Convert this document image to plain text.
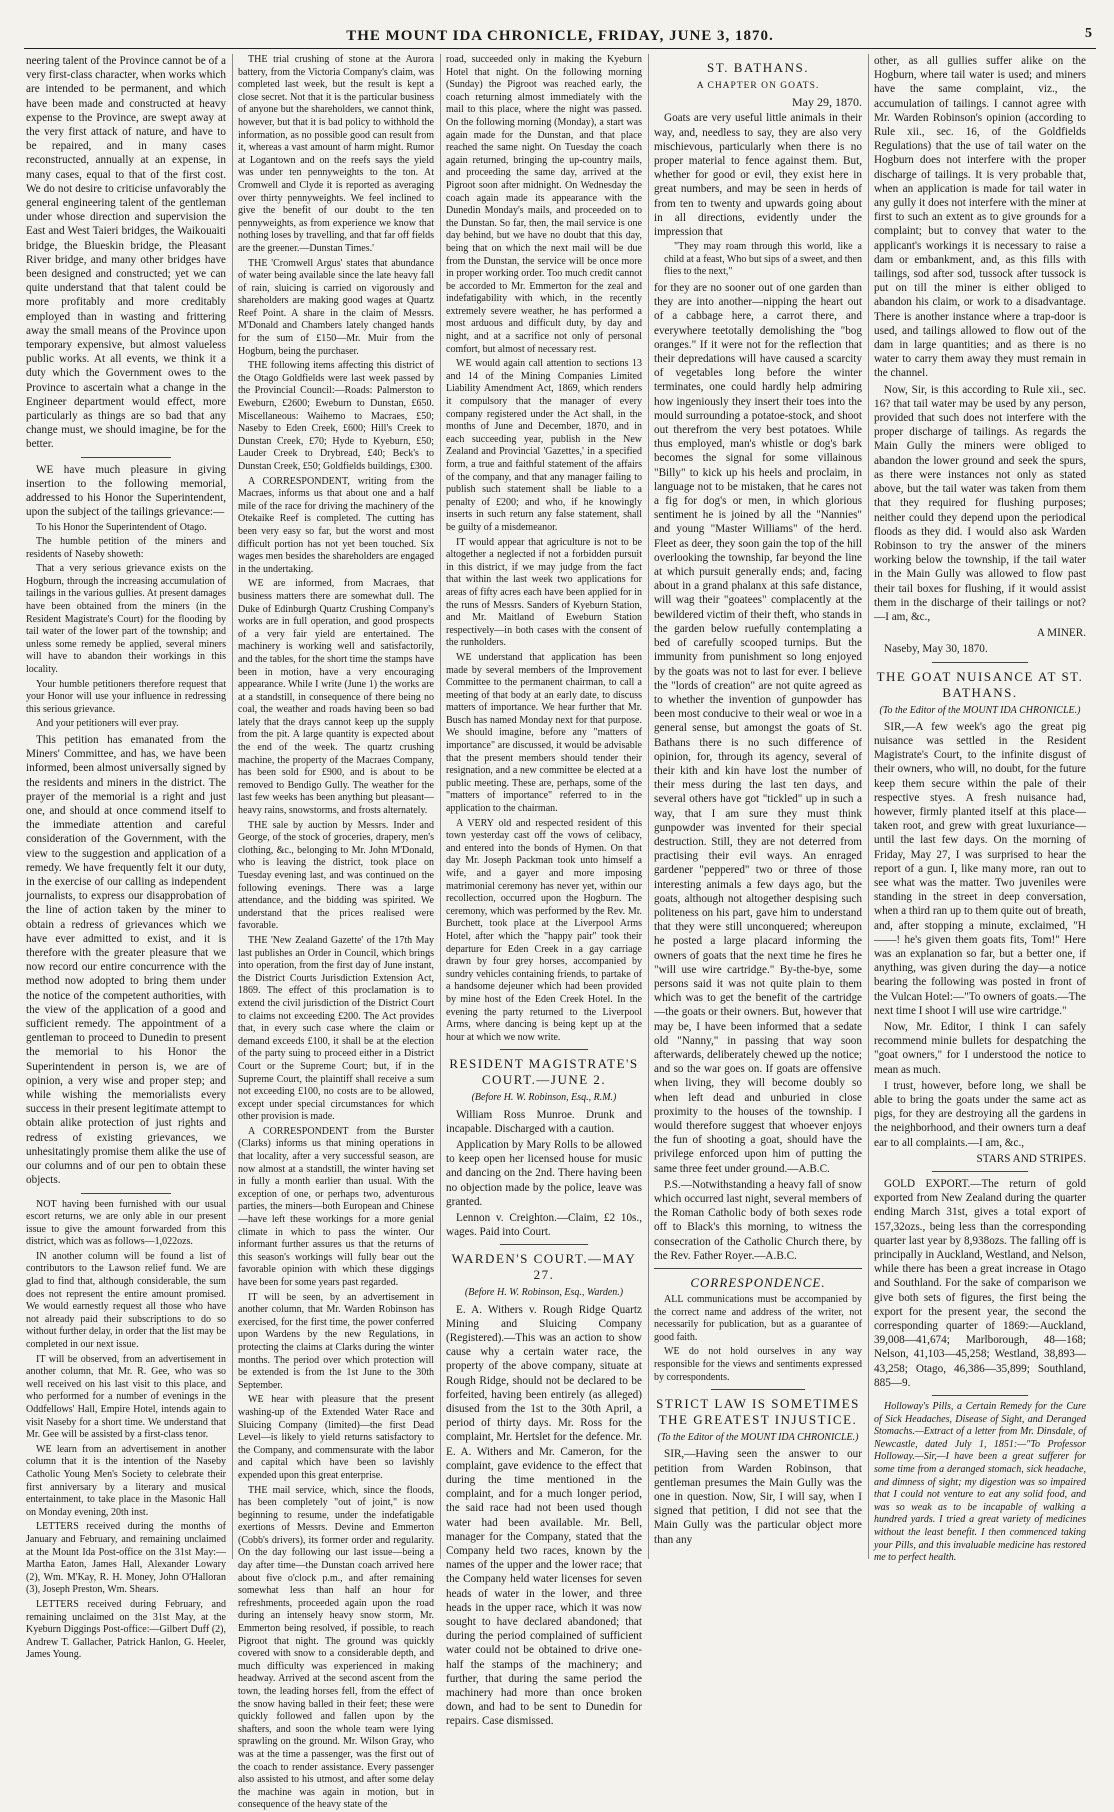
THE MOUNT IDA CHRONICLE, FRIDAY, JUNE 3, 1870.	5

neering talent of the Province cannot be of a very first-class character, when works which are intended to be permanent, and which have been made and constructed at heavy expense to the Province, are swept away at the very first attack of nature, and have to be repaired, and in many cases reconstructed, annually at an expense, in many cases, equal to that of the first cost. We do not desire to criticise unfavorably the general engineering talent of the gentleman under whose direction and supervision the East and West Taieri bridges, the Waikouaiti bridge, the Blueskin bridge, the Pleasant River bridge, and many other bridges have been designed and constructed; yet we can quite understand that that talent could be more profitably and more creditably employed than in wasting and frittering away the small means of the Province upon temporary expensive, but almost valueless public works. At all events, we think it a duty which the Government owes to the Province to ascertain what a change in the Engineer department would effect, more particularly as things are so bad that any change must, we should imagine, be for the better.

WE have much pleasure in giving insertion to the following memorial, addressed to his Honor the Superintendent, upon the subject of the tailings grievance:—

To his Honor the Superintendent of Otago.

The humble petition of the miners and residents of Naseby showeth:

That a very serious grievance exists on the Hogburn, through the increasing accumulation of tailings in the various gullies. At present damages have been obtained from the miners (in the Resident Magistrate's Court) for the flooding by tail water of the lower part of the township; and unless some remedy be applied, several miners will have to abandon their workings in this locality.

Your humble petitioners therefore request that your Honor will use your influence in redressing this serious grievance.

And your petitioners will ever pray.

This petition has emanated from the Miners' Committee, and has, we have been informed, been almost universally signed by the residents and miners in the district. The prayer of the memorial is a right and just one, and should at once commend itself to the immediate attention and careful consideration of the Government, with the view to the suggestion and application of a remedy. We have frequently felt it our duty, in the exercise of our calling as independent journalists, to express our disapprobation of the line of action taken by the miner to obtain a redress of grievances which we have ever admitted to exist, and it is therefore with the greater pleasure that we now record our entire concurrence with the method now adopted to bring them under the notice of the competent authorities, with the view of the application of a good and sufficient remedy. The appointment of a gentleman to proceed to Dunedin to present the memorial to his Honor the Superintendent in person is, we are of opinion, a very wise and proper step; and while wishing the memorialists every success in their present legitimate attempt to obtain alike protection of just rights and redress of existing grievances, we unhesitatingly promise them alike the use of our columns and of our pen to obtain these objects.

NOT having been furnished with our usual escort returns, we are only able in our present issue to give the amount forwarded from this district, which was as follows—1,022ozs.

IN another column will be found a list of contributors to the Lawson relief fund. We are glad to find that, although considerable, the sum does not represent the entire amount promised. We would earnestly request all those who have not already paid their subscriptions to do so without further delay, in order that the list may be completed in our next issue.

IT will be observed, from an advertisement in another column, that Mr. R. Gee, who was so well received on his last visit to this place, and who performed for a number of evenings in the Oddfellows' Hall, Empire Hotel, intends again to visit Naseby for a short time. We understand that Mr. Gee will be assisted by a first-class tenor.

WE learn from an advertisement in another column that it is the intention of the Naseby Catholic Young Men's Society to celebrate their first anniversary by a literary and musical entertainment, to take place in the Masonic Hall on Monday evening, 20th inst.

LETTERS received during the months of January and February, and remaining unclaimed at the Mount Ida Post-office on the 31st May:—Martha Eaton, James Hall, Alexander Lowary (2), Wm. M'Kay, R. H. Money, John O'Halloran (3), Joseph Preston, Wm. Shears.

LETTERS received during February, and remaining unclaimed on the 31st May, at the Kyeburn Diggings Post-office:—Gilbert Duff (2), Andrew T. Gallacher, Patrick Hanlon, G. Heeler, James Young.

THE trial crushing of stone at the Aurora battery, from the Victoria Company's claim, was completed last week, but the result is kept a close secret. Not that it is the particular business of anyone but the shareholders, we cannot think, however, but that it is bad policy to withhold the information, as no possible good can result from it, whereas a vast amount of harm might. Rumor at Logantown and on the reefs says the yield was under ten pennyweights to the ton. At Cromwell and Clyde it is reported as averaging over thirty pennyweights. We feel inclined to give the benefit of our doubt to the ten pennyweights, as from experience we know that nothing loses by travelling, and that far off fields are the greener.—Dunstan Times.'

THE 'Cromwell Argus' states that abundance of water being available since the late heavy fall of rain, sluicing is carried on vigorously and shareholders are making good wages at Quartz Reef Point. A share in the claim of Messrs. M'Donald and Chambers lately changed hands for the sum of £150—Mr. Muir from the Hogburn, being the purchaser.

THE following items affecting this district of the Otago Goldfields were last week passed by the Provincial Council:—Roads: Palmerston to Eweburn, £2600; Eweburn to Dunstan, £650. Miscellaneous: Waihemo to Macraes, £50; Naseby to Eden Creek, £600; Hill's Creek to Dunstan Creek, £70; Hyde to Kyeburn, £50; Lauder Creek to Drybread, £40; Beck's to Dunstan Creek, £50; Goldfields buildings, £300.

A CORRESPONDENT, writing from the Macraes, informs us that about one and a half mile of the race for driving the machinery of the Otekaike Reef is completed. The cutting has been very easy so far, but the worst and most difficult portion has not yet been touched. Six wages men besides the shareholders are engaged in the undertaking.

WE are informed, from Macraes, that business matters there are somewhat dull. The Duke of Edinburgh Quartz Crushing Company's works are in full operation, and good prospects of a very fair yield are entertained. The machinery is working well and satisfactorily, and the tables, for the short time the stamps have been in motion, have a very encouraging appearance. While I write (June 1) the works are at a standstill, in consequence of there being no coal, the weather and roads having been so bad lately that the drays cannot keep up the supply from the pit. A large quantity is expected about the end of the week. The quartz crushing machine, the property of the Macraes Company, has been sold for £900, and is about to be removed to Bendigo Gully. The weather for the last few weeks has been anything but pleasant—heavy rains, snowstorms, and frosts alternately.

THE sale by auction by Messrs. Inder and George, of the stock of groceries, drapery, men's clothing, &c., belonging to Mr. John M'Donald, who is leaving the district, took place on Tuesday evening last, and was continued on the following evenings. There was a large attendance, and the bidding was spirited. We understand that the prices realised were favorable.

THE 'New Zealand Gazette' of the 17th May last publishes an Order in Council, which brings into operation, from the first day of June instant, the District Courts Jurisdiction Extension Act, 1869. The effect of this proclamation is to extend the civil jurisdiction of the District Court to claims not exceeding £200. The Act provides that, in every such case where the claim or demand exceeds £100, it shall be at the election of the party suing to proceed either in a District Court or the Supreme Court; but, if in the Supreme Court, the plaintiff shall receive a sum not exceeding £100, no costs are to be allowed, except under special circumstances for which other provision is made.

A CORRESPONDENT from the Burster (Clarks) informs us that mining operations in that locality, after a very successful season, are now almost at a standstill, the winter having set in fully a month earlier than usual. With the exception of one, or perhaps two, adventurous parties, the miners—both European and Chinese—have left these workings for a more genial climate in which to pass the winter. Our informant further assures us that the returns of this season's workings will fully bear out the favorable opinion with which these diggings have been for some years past regarded.

IT will be seen, by an advertisement in another column, that Mr. Warden Robinson has exercised, for the first time, the power conferred upon Wardens by the new Regulations, in protecting the claims at Clarks during the winter months. The period over which protection will be extended is from the 1st June to the 30th September.

WE hear with pleasure that the present washing-up of the Extended Water Race and Sluicing Company (limited)—the first Dead Level—is likely to yield returns satisfactory to the Company, and commensurate with the labor and capital which have been so lavishly expended upon this great enterprise.

THE mail service, which, since the floods, has been completely "out of joint," is now beginning to resume, under the indefatigable exertions of Messrs. Devine and Emmerton (Cobb's drivers), its former order and regularity. On the day following our last issue—being a day after time—the Dunstan coach arrived here about five o'clock p.m., and after remaining somewhat less than half an hour for refreshments, proceeded again upon the road during an intensely heavy snow storm, Mr. Emmerton being resolved, if possible, to reach Pigroot that night. The ground was quickly covered with snow to a considerable depth, and much difficulty was experienced in making headway. Arrived at the second ascent from the town, the leading horses fell, from the effect of the snow having balled in their feet; these were quickly followed and fallen upon by the shafters, and soon the whole team were lying sprawling on the ground. Mr. Wilson Gray, who was at the time a passenger, was the first out of the coach to render assistance. Every passenger also assisted to his utmost, and after some delay the machine was again in motion, but in consequence of the heavy state of the

road, succeeded only in making the Kyeburn Hotel that night. On the following morning (Sunday) the Pigroot was reached early, the coach returning almost immediately with the mail to this place, where the night was passed. On the following morning (Monday), a start was again made for the Dunstan, and that place reached the same night. On Tuesday the coach again returned, bringing the up-country mails, and proceeding the same day, arrived at the Pigroot soon after midnight. On Wednesday the coach again made its appearance with the Dunedin Monday's mails, and proceeded on to the Dunstan. So far, then, the mail service is one day behind, but we have no doubt that this day, being that on which the next mail will be due from the Dunstan, the service will be once more in proper working order. Too much credit cannot be accorded to Mr. Emmerton for the zeal and indefatigability with which, in the recently extremely severe weather, he has performed a most arduous and difficult duty, by day and night, and at a sacrifice not only of personal comfort, but almost of necessary rest.

WE would again call attention to sections 13 and 14 of the Mining Companies Limited Liability Amendment Act, 1869, which renders it compulsory that the manager of every company registered under the Act shall, in the months of June and December, 1870, and in each succeeding year, publish in the New Zealand and Provincial 'Gazettes,' in a specified form, a true and faithful statement of the affairs of the company, and that any manager failing to publish such statement shall be liable to a penalty of £200; and who, if he knowingly inserts in such return any false statement, shall be guilty of a misdemeanor.

IT would appear that agriculture is not to be altogether a neglected if not a forbidden pursuit in this district, if we may judge from the fact that within the last week two applications for areas of fifty acres each have been applied for in the runs of Messrs. Sanders of Kyeburn Station, and Mr. Maitland of Eweburn Station respectively—in both cases with the consent of the runholders.

WE understand that application has been made by several members of the Improvement Committee to the permanent chairman, to call a meeting of that body at an early date, to discuss matters of importance. We hear further that Mr. Busch has named Monday next for that purpose. We should imagine, before any "matters of importance" are discussed, it would be advisable that the present members should tender their resignation, and a new committee be elected at a public meeting. These are, perhaps, some of the "matters of importance" referred to in the application to the chairman.

A VERY old and respected resident of this town yesterday cast off the vows of celibacy, and entered into the bonds of Hymen. On that day Mr. Joseph Packman took unto himself a wife, and a gayer and more imposing matrimonial ceremony has never yet, within our recollection, occurred upon the Hogburn. The ceremony, which was performed by the Rev. Mr. Burchett, took place at the Liverpool Arms Hotel, after which the "happy pair" took their departure for Eden Creek in a gay carriage drawn by four grey horses, accompanied by sundry vehicles containing friends, to partake of a handsome dejeuner which had been provided by mine host of the Eden Creek Hotel. In the evening the party returned to the Liverpool Arms, where dancing is being kept up at the hour at which we now write.

RESIDENT MAGISTRATE'S COURT.—JUNE 2.

(Before H. W. Robinson, Esq., R.M.)

William Ross Munroe. Drunk and incapable. Discharged with a caution.

Application by Mary Rolls to be allowed to keep open her licensed house for music and dancing on the 2nd. There having been no objection made by the police, leave was granted.

Lennon v. Creighton.—Claim, £2 10s., wages. Paid into Court.

WARDEN'S COURT.—MAY 27.

(Before H. W. Robinson, Esq., Warden.)

E. A. Withers v. Rough Ridge Quartz Mining and Sluicing Company (Registered).—This was an action to show cause why a certain water race, the property of the above company, situate at Rough Ridge, should not be declared to be forfeited, having been entirely (as alleged) disused from the 1st to the 30th April, a period of thirty days. Mr. Ross for the complaint, Mr. Hertslet for the defence. Mr. E. A. Withers and Mr. Cameron, for the complaint, gave evidence to the effect that during the time mentioned in the complaint, and for a much longer period, the said race had not been used though water had been available. Mr. Bell, manager for the Company, stated that the Company held two races, known by the names of the upper and the lower race; that the Company held water licenses for seven heads of water in the lower, and three heads in the upper race, which it was now sought to have declared abandoned; that during the period complained of sufficient water could not be obtained to drive one-half the stamps of the machinery; and further, that during the same period the machinery had more than once broken down, and had to be sent to Dunedin for repairs. Case dismissed.

ST. BATHANS.
A CHAPTER ON GOATS.

May 29, 1870.

Goats are very useful little animals in their way, and, needless to say, they are also very mischievous, particularly when there is no proper material to fence against them. But, whether for good or evil, they exist here in great numbers, and may be seen in herds of from ten to twenty and upwards going about in all directions, evidently under the impression that

"They may roam through this world, like a child at a feast, Who but sips of a sweet, and then flies to the next,"

for they are no sooner out of one garden than they are into another—nipping the heart out of a cabbage here, a carrot there, and everywhere teetotally demolishing the "bog oranges." If it were not for the reflection that their depredations will have caused a scarcity of vegetables long before the winter terminates, one could hardly help admiring how ingeniously they insert their toes into the mould surrounding a potatoe-stock, and shoot out therefrom the very best potatoes. While thus employed, man's whistle or dog's bark becomes the signal for some villainous "Billy" to kick up his heels and proclaim, in language not to be mistaken, that he cares not a fig for dog's or men, in which glorious sentiment he is joined by all the "Nannies" and young "Master Williams" of the herd. Fleet as deer, they soon gain the top of the hill overlooking the township, far beyond the line at which pursuit generally ends; and, facing about in a grand phalanx at this safe distance, will wag their "goatees" complacently at the bewildered victim of their theft, who stands in the garden below ruefully contemplating a bed of carefully scooped turnips. But the immunity from punishment so long enjoyed by the goats was not to last for ever. I believe the "lords of creation" are not quite agreed as to whether the invention of gunpowder has been most conducive to their weal or woe in a general sense, but amongst the goats of St. Bathans there is no such difference of opinion, for, through its agency, several of their kith and kin have lost the number of their mess during the last ten days, and several others have got "tickled" up in such a way, that I am sure they must think gunpowder was invented for their special destruction. Still, they are not deterred from practising their evil ways. An enraged gardener "peppered" two or three of those interesting animals a few days ago, but the goats, although not altogether despising such politeness on his part, gave him to understand that they were still unconquered; whereupon he posted a large placard informing the owners of goats that the next time he fires he "will use wire cartridge." By-the-bye, some persons said it was not quite plain to them which was to get the benefit of the cartridge—the goats or their owners. But, however that may be, I have been informed that a sedate old "Nanny," in passing that way soon afterwards, deliberately chewed up the notice; and so the war goes on. If goats are offensive when living, they will become doubly so when left dead and unburied in close proximity to the houses of the township. I would therefore suggest that whoever enjoys the fun of shooting a goat, should have the privilege enforced upon him of putting the same three feet under ground.—A.B.C.

P.S.—Notwithstanding a heavy fall of snow which occurred last night, several members of the Roman Catholic body of both sexes rode off to Black's this morning, to witness the consecration of the Catholic Church there, by the Rev. Father Royer.—A.B.C.

CORRESPONDENCE.

ALL communications must be accompanied by the correct name and address of the writer, not necessarily for publication, but as a guarantee of good faith.

WE do not hold ourselves in any way responsible for the views and sentiments expressed by correspondents.

STRICT LAW IS SOMETIMES THE GREATEST INJUSTICE.

(To the Editor of the MOUNT IDA CHRONICLE.)

SIR,—Having seen the answer to our petition from Warden Robinson, that gentleman presumes the Main Gully was the one in question. Now, Sir, I will say, when I signed that petition, I did not see that the Main Gully was the particular object more than any

other, as all gullies suffer alike on the Hogburn, where tail water is used; and miners have the same complaint, viz., the accumulation of tailings. I cannot agree with Mr. Warden Robinson's opinion (according to Rule xii., sec. 16, of the Goldfields Regulations) that the use of tail water on the Hogburn does not interfere with the proper discharge of tailings. It is very probable that, when an application is made for tail water in any gully it does not interfere with the miner at first to such an extent as to give grounds for a complaint; but to convey that water to the applicant's workings it is necessary to raise a dam or embankment, and, as this fills with tailings, sod after sod, tussock after tussock is put on till the miner is either obliged to abandon his claim, or work to a disadvantage. There is another instance where a trap-door is used, and tailings allowed to flow out of the dam in large quantities; and as there is no water to carry them away they must remain in the channel.

Now, Sir, is this according to Rule xii., sec. 16? that tail water may be used by any person, provided that such does not interfere with the proper discharge of tailings. As regards the Main Gully the miners were obliged to abandon the lower ground and seek the spurs, as there were instances not only as stated above, but the tail water was taken from them that they required for flushing purposes; neither could they depend upon the periodical floods as they did. I would also ask Warden Robinson to try the answer of the miners working below the township, if the tail water in the Main Gully was allowed to flow past their tail boxes for flushing, if it would assist them in the discharge of their tailings or not?—I am, &c.,

A MINER.

Naseby, May 30, 1870.

THE GOAT NUISANCE AT ST. BATHANS.

(To the Editor of the MOUNT IDA CHRONICLE.)

SIR,—A few week's ago the great pig nuisance was settled in the Resident Magistrate's Court, to the infinite disgust of their owners, who will, no doubt, for the future keep them secure within the pale of their respective styes. A fresh nuisance had, however, firmly planted itself at this place—taken root, and grew with great luxuriance—until the last few days. On the morning of Friday, May 27, I was surprised to hear the report of a gun. I, like many more, ran out to see what was the matter. Two juveniles were standing in the street in deep conversation, when a third ran up to them quite out of breath, and, after stopping a minute, exclaimed, "H——! he's given them goats fits, Tom!" Here was an explanation so far, but a better one, if anything, was given during the day—a notice bearing the following was posted in front of the Vulcan Hotel:—"To owners of goats.—The next time I shoot I will use wire cartridge."

Now, Mr. Editor, I think I can safely recommend minie bullets for despatching the "goat owners," for I understood the notice to mean as much.

I trust, however, before long, we shall be able to bring the goats under the same act as pigs, for they are destroying all the gardens in the neighborhood, and their owners turn a deaf ear to all complaints.—I am, &c.,

STARS AND STRIPES.

GOLD EXPORT.—The return of gold exported from New Zealand during the quarter ending March 31st, gives a total export of 157,32ozs., being less than the corresponding quarter last year by 8,938ozs. The falling off is principally in Auckland, Westland, and Nelson, while there has been a great increase in Otago and Southland. For the sake of comparison we give both sets of figures, the first being the export for the present year, the second the corresponding quarter of 1869:—Auckland, 39,008—41,674; Marlborough, 48—168; Nelson, 41,103—45,258; Westland, 38,893—43,258; Otago, 46,386—35,899; Southland, 885—9.

Holloway's Pills, a Certain Remedy for the Cure of Sick Headaches, Disease of Sight, and Deranged Stomachs.—Extract of a letter from Mr. Dinsdale, of Newcastle, dated July 1, 1851:—"To Professor Holloway.—Sir,—I have been a great sufferer for some time from a deranged stomach, sick headache, and dimness of sight; my digestion was so impaired that I could not venture to eat any solid food, and was so weak as to be incapable of walking a hundred yards. I tried a great variety of medicines without the least benefit. I then commenced taking your Pills, and this invaluable medicine has restored me to perfect health.
